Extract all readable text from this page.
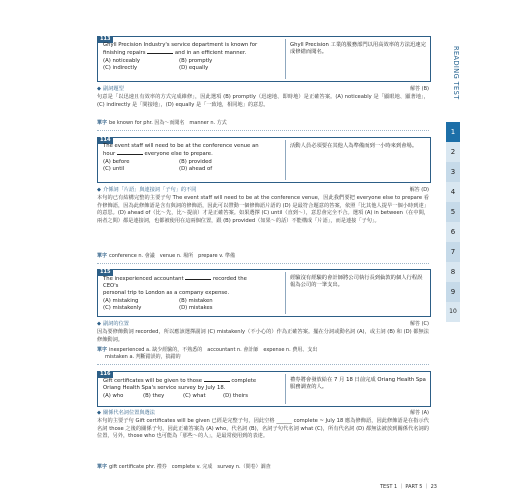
113
Ghyll Precision Industry's service department is known for
finishing repairs	and in an efficient manner.
(A) noticeably	(B) promptly
(C) indirectly	(D) equally
Ghyll Precision 工業的服務部門以用高效率的方法迅速完成修繕而聞名。
◆ 副詞題型	解答 (B)
句意是「以迅速且有效率的方式完成維修」，因此選項 (B) promptly（迅速地、即時地）是正確答案。(A) noticeably 是「顯眼地、顯著地」，(C) indirectly 是「間接地」，(D) equally 是「一致地，相同地」的意思。
單字 be known for phr. 因為～而聞名　manner n. 方式
114
The event staff will need to be at the conference venue an
hour	everyone else to prepare.
(A) before	(B) provided
(C) until	(D) ahead of
活動人員必須要在其他人為準備而到一小時來到會場。
◆ 介係詞「片語」與連接詞「子句」的不同	解答 (D)
本句的已有結構完整的主要子句 The event staff will need to be at the conference venue，因此我們要把 everyone else to prepare 看作修飾語，因為此修飾語是含有與詞的修飾語，因此可以帶動一個修飾語片語的 (D) 是最符合題意的答案，依照「比其他人提早一個小時到達」的意思。(D) ahead of（比～先，比～提前）才是正確答案。如果選擇 (C) until（直到～），意思會完全不合。選項 (A) in between（在中間，兩者之間）都是連接詞，也都被使用在這兩個位置，跟 (B) provided（如果～的話）不能構成「片語」，而是連接「子句」。
單字 conference n. 會議　venue n. 場所　prepare v. 準備
115
The inexperienced accountant	recorded the CEO's
personal trip to London as a company expense.
(A) mistaking	(B) mistaken
(C) mistakenly	(D) mistakes
經驗沒有經驗的會計師將公司執行長到倫敦的個人行程誤報為公司的一筆支出。
◆ 副詞的位置	解答 (C)
因為要修飾動詞 recorded，所以應該選擇副詞 (C) mistakenly（不小心的）作為正確答案。擺在分詞或動名詞 (A)，或主詞 (B) 和 (D) 都無法修飾動詞。
單字 inexperienced a. 缺少經驗的，不熟悉的　accountant n. 會計師　expense n. 費用、支出
mistaken a. 判斷錯誤的，搞錯的
116
Gift certificates will be given to those	complete
Oriang Health Spa's service survey by July 18.
(A) who	(B) they	(C) what	(D) theirs
禮券將會發放給在 7 月 18 日前完成 Oriang Health Spa 服務調查的人。
◆ 關係代名詞位置與選法	解答 (A)
本句的主要子句 Gift certificates will be given 已經是完整子句，因此空格 ______ complete ~ July 18 應為修飾語，因此修飾語是在指示代名詞 those 之後的關係子句，因此正確答案為 (A) who，代名詞 (B)，名詞子句代名詞 what (C)，所有代名詞 (D) 都無法被放到關係代名詞的位置，另外，those who 也可能為「那些～的人」，是最常使用到的表達。
單字 gift certificate phr. 禮券　complete v. 完成　survey n.（問卷）調查
READING TEST
1
2
3
4
5
6
7
8
9
10
TEST 1 ｜ PART 5 ｜ 23
